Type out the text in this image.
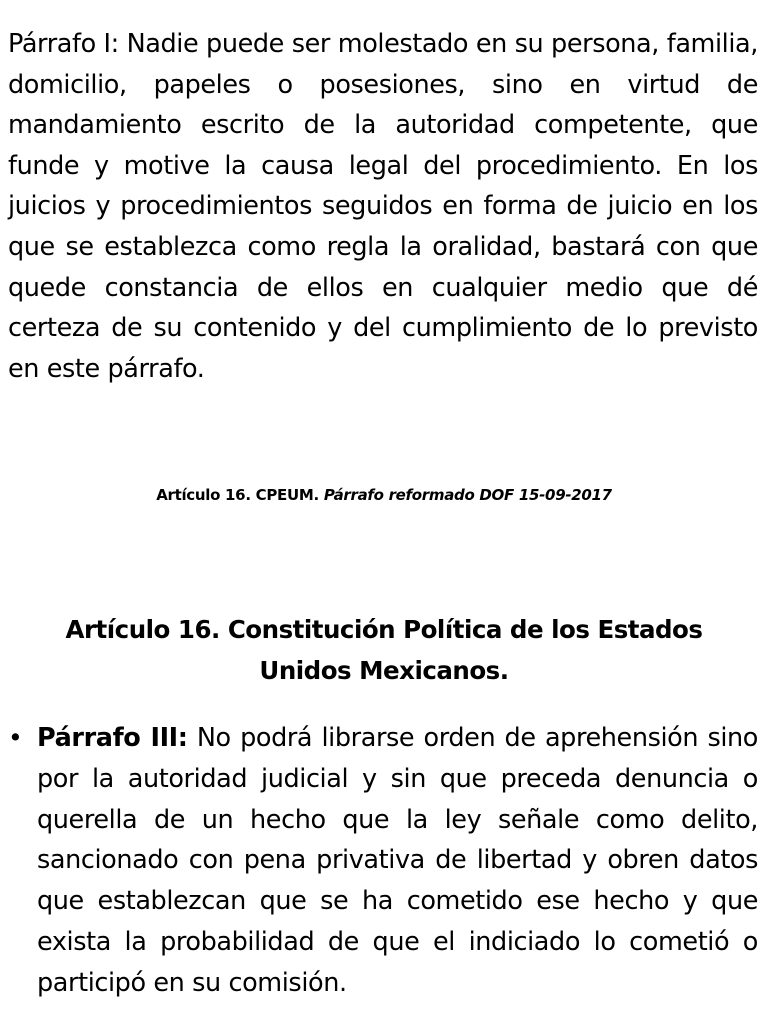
Párrafo I: Nadie puede ser molestado en su persona, familia, domicilio, papeles o posesiones, sino en virtud de mandamiento escrito de la autoridad competente, que funde y motive la causa legal del procedimiento. En los juicios y procedimientos seguidos en forma de juicio en los que se establezca como regla la oralidad, bastará con que quede constancia de ellos en cualquier medio que dé certeza de su contenido y del cumplimiento de lo previsto en este párrafo.

Artículo 16. CPEUM. Párrafo reformado DOF 15-09-2017

Artículo 16. Constitución Política de los Estados Unidos Mexicanos.
• Párrafo III: No podrá librarse orden de aprehensión sino por la autoridad judicial y sin que preceda denuncia o querella de un hecho que la ley señale como delito, sancionado con pena privativa de libertad y obren datos que establezcan que se ha cometido ese hecho y que exista la probabilidad de que el indiciado lo cometió o participó en su comisión.
